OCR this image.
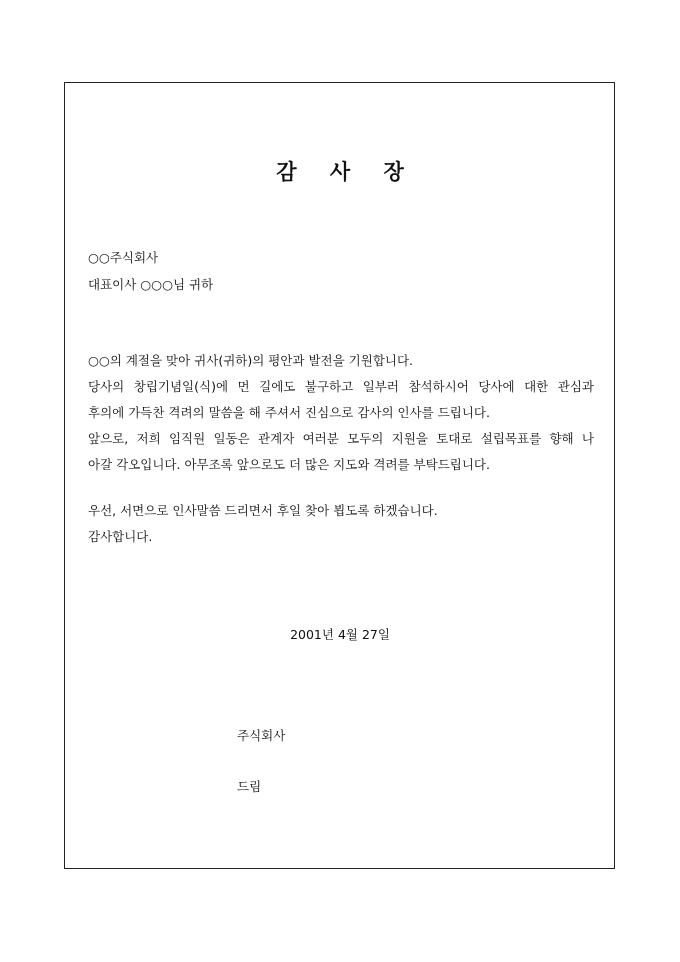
감 사 장
○○주식회사
대표이사 ○○○님 귀하
○○의 계절을 맞아 귀사(귀하)의 평안과 발전을 기원합니다.
당사의 창립기념일(식)에 먼 길에도 불구하고 일부러 참석하시어 당사에 대한 관심과
후의에 가득찬 격려의 말씀을 해 주셔서 진심으로 감사의 인사를 드립니다.
앞으로, 저희 임직원 일동은 관계자 여러분 모두의 지원을 토대로 설립목표를 향해 나
아갈 각오입니다. 아무조록 앞으로도 더 많은 지도와 격려를 부탁드립니다.
우선, 서면으로 인사말씀 드리면서 후일 찾아 뵙도록 하겠습니다.
감사합니다.
2001년 4월 27일
주식회사
드림
